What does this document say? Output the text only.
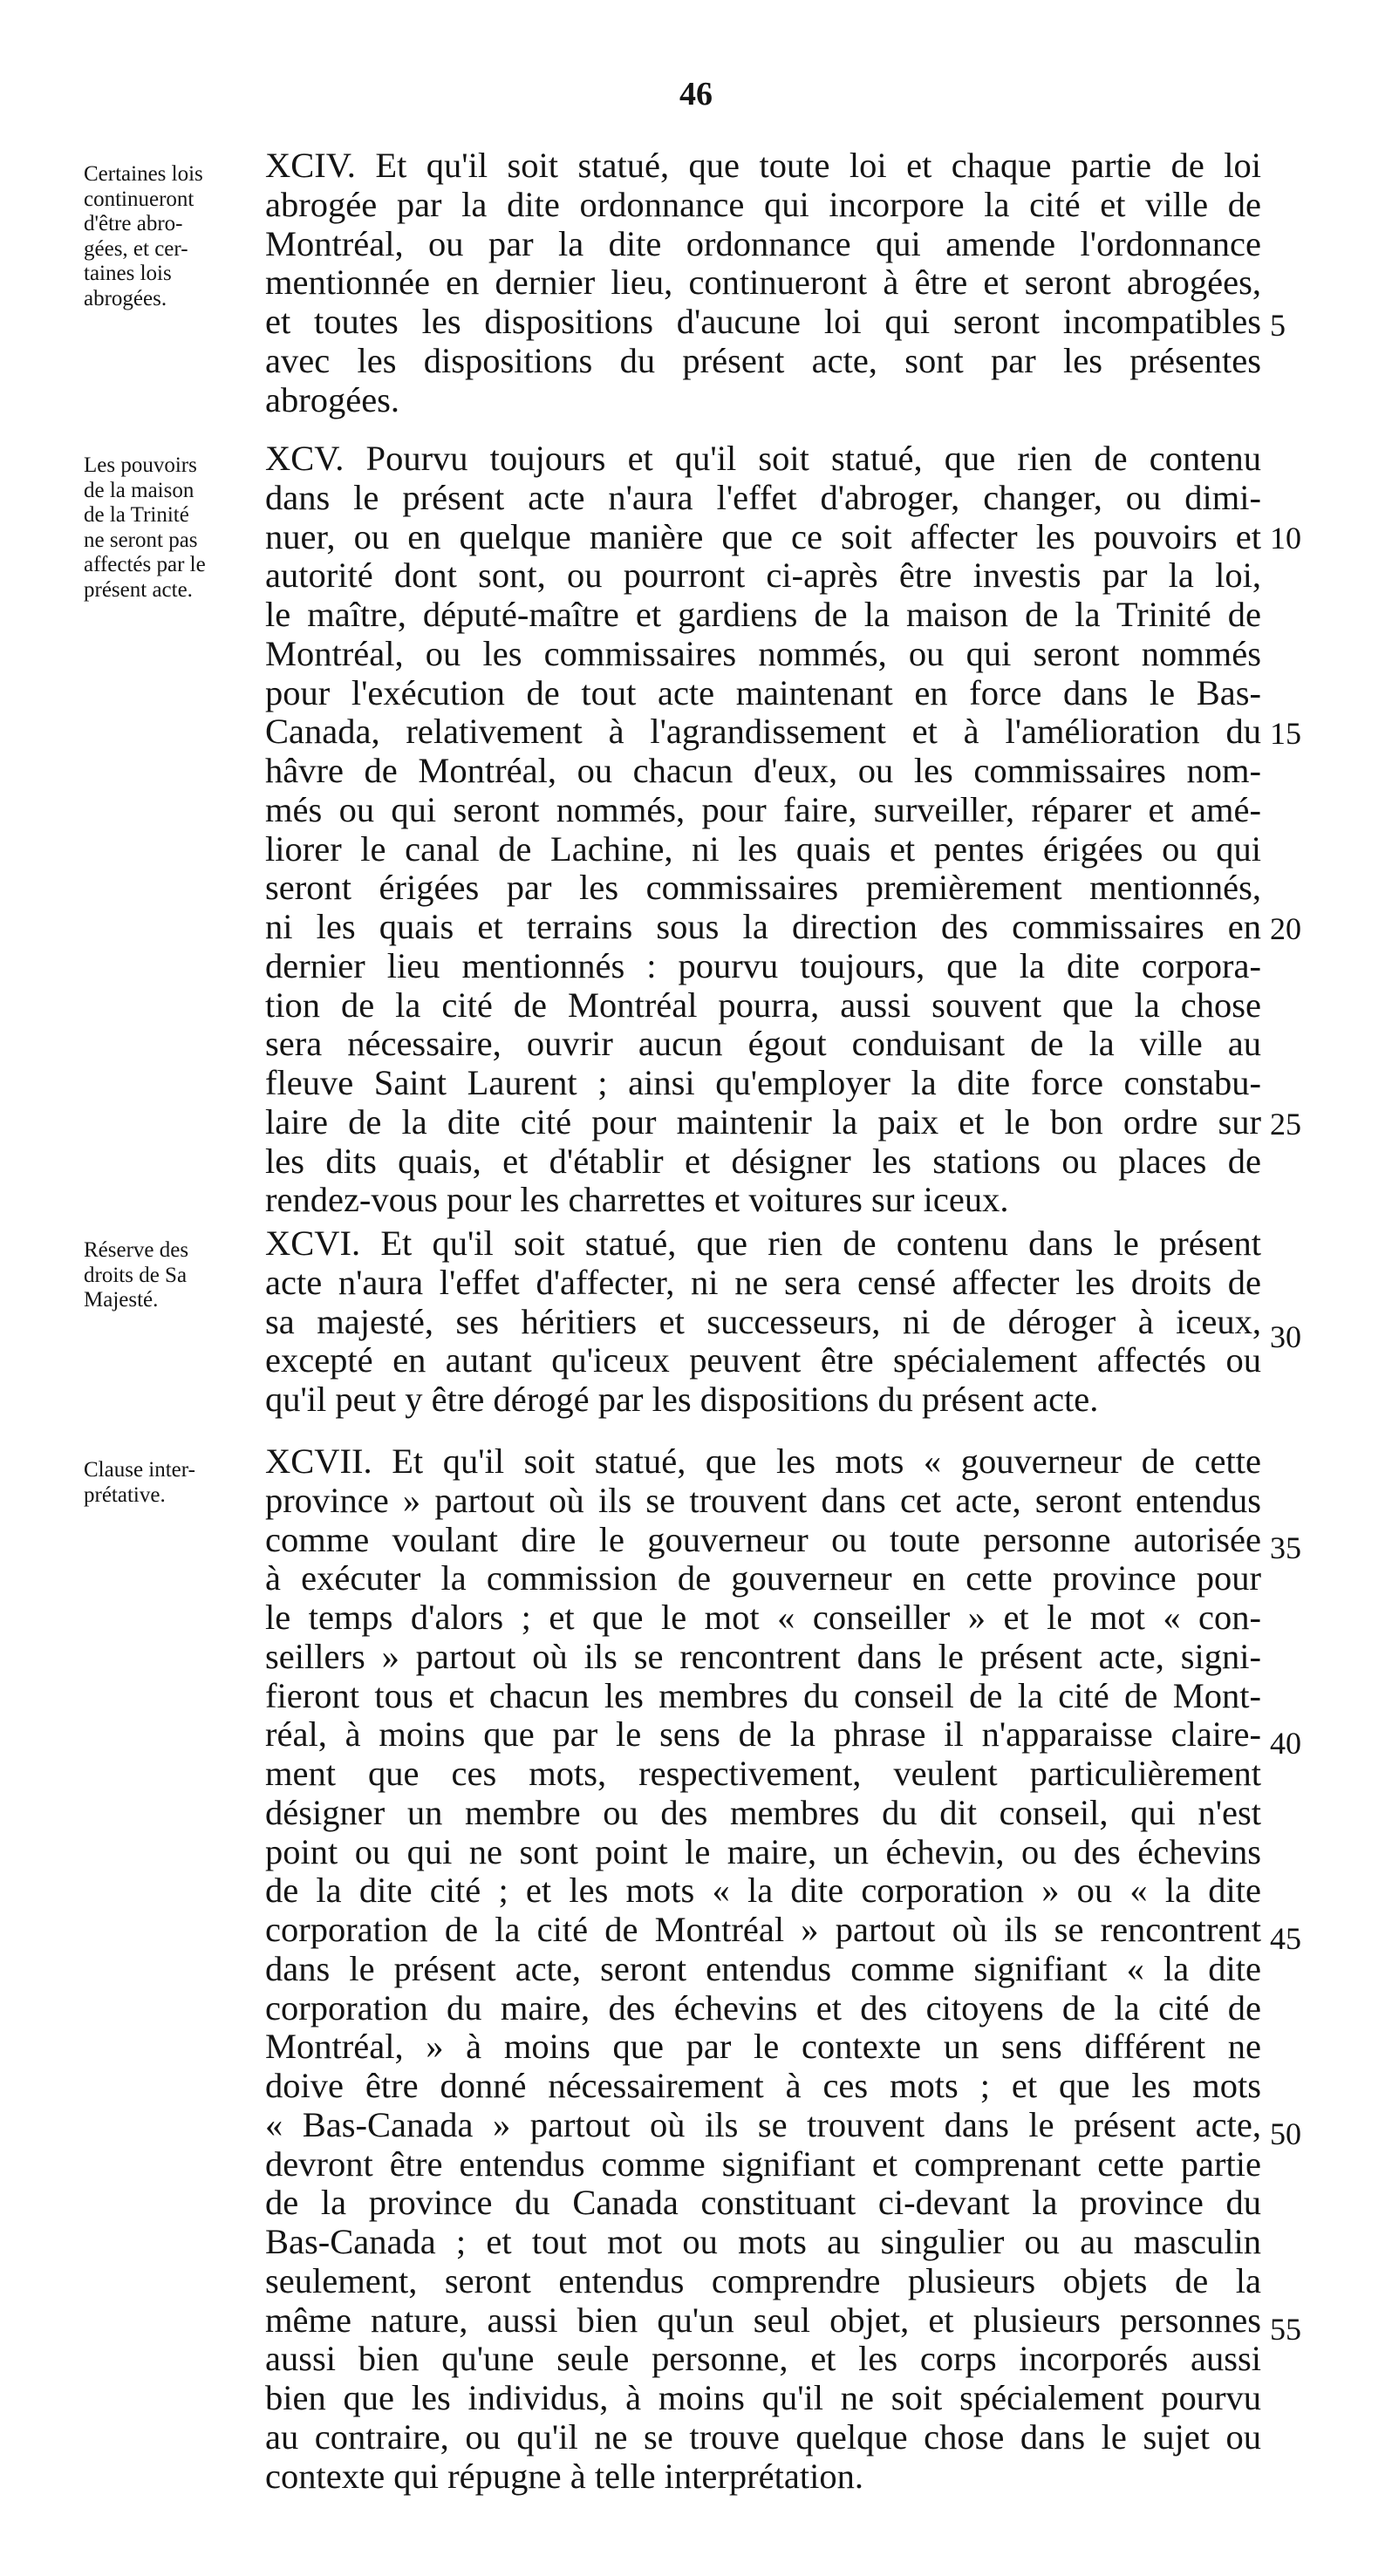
46
Certaines lois
continueront
d'être abro-
gées, et cer-
taines lois
abrogées.
XCIV. Et qu'il soit statué, que toute loi et chaque partie de loi
abrogée par la dite ordonnance qui incorpore la cité et ville de
Montréal, ou par la dite ordonnance qui amende l'ordonnance
mentionnée en dernier lieu, continueront à être et seront abrogées,
et toutes les dispositions d'aucune loi qui seront incompatibles
avec les dispositions du présent acte, sont par les présentes
abrogées.
Les pouvoirs
de la maison
de la Trinité
ne seront pas
affectés par le
présent acte.
XCV. Pourvu toujours et qu'il soit statué, que rien de contenu
dans le présent acte n'aura l'effet d'abroger, changer, ou dimi-
nuer, ou en quelque manière que ce soit affecter les pouvoirs et
autorité dont sont, ou pourront ci-après être investis par la loi,
le maître, député-maître et gardiens de la maison de la Trinité de
Montréal, ou les commissaires nommés, ou qui seront nommés
pour l'exécution de tout acte maintenant en force dans le Bas-
Canada, relativement à l'agrandissement et à l'amélioration du
hâvre de Montréal, ou chacun d'eux, ou les commissaires nom-
més ou qui seront nommés, pour faire, surveiller, réparer et amé-
liorer le canal de Lachine, ni les quais et pentes érigées ou qui
seront érigées par les commissaires premièrement mentionnés,
ni les quais et terrains sous la direction des commissaires en
dernier lieu mentionnés : pourvu toujours, que la dite corpora-
tion de la cité de Montréal pourra, aussi souvent que la chose
sera nécessaire, ouvrir aucun égout conduisant de la ville au
fleuve Saint Laurent ; ainsi qu'employer la dite force constabu-
laire de la dite cité pour maintenir la paix et le bon ordre sur
les dits quais, et d'établir et désigner les stations ou places de
rendez-vous pour les charrettes et voitures sur iceux.
Réserve des
droits de Sa
Majesté.
XCVI. Et qu'il soit statué, que rien de contenu dans le présent
acte n'aura l'effet d'affecter, ni ne sera censé affecter les droits de
sa majesté, ses héritiers et successeurs, ni de déroger à iceux,
excepté en autant qu'iceux peuvent être spécialement affectés ou
qu'il peut y être dérogé par les dispositions du présent acte.
Clause inter-
prétative.
XCVII. Et qu'il soit statué, que les mots « gouverneur de cette
province » partout où ils se trouvent dans cet acte, seront entendus
comme voulant dire le gouverneur ou toute personne autorisée
à exécuter la commission de gouverneur en cette province pour
le temps d'alors ; et que le mot « conseiller » et le mot « con-
seillers » partout où ils se rencontrent dans le présent acte, signi-
fieront tous et chacun les membres du conseil de la cité de Mont-
réal, à moins que par le sens de la phrase il n'apparaisse claire-
ment que ces mots, respectivement, veulent particulièrement
désigner un membre ou des membres du dit conseil, qui n'est
point ou qui ne sont point le maire, un échevin, ou des échevins
de la dite cité ; et les mots « la dite corporation » ou « la dite
corporation de la cité de Montréal » partout où ils se rencontrent
dans le présent acte, seront entendus comme signifiant « la dite
corporation du maire, des échevins et des citoyens de la cité de
Montréal, » à moins que par le contexte un sens différent ne
doive être donné nécessairement à ces mots ; et que les mots
« Bas-Canada » partout où ils se trouvent dans le présent acte,
devront être entendus comme signifiant et comprenant cette partie
de la province du Canada constituant ci-devant la province du
Bas-Canada ; et tout mot ou mots au singulier ou au masculin
seulement, seront entendus comprendre plusieurs objets de la
même nature, aussi bien qu'un seul objet, et plusieurs personnes
aussi bien qu'une seule personne, et les corps incorporés aussi
bien que les individus, à moins qu'il ne soit spécialement pourvu
au contraire, ou qu'il ne se trouve quelque chose dans le sujet ou
contexte qui répugne à telle interprétation.
5
10
15
20
25
30
35
40
45
50
55
